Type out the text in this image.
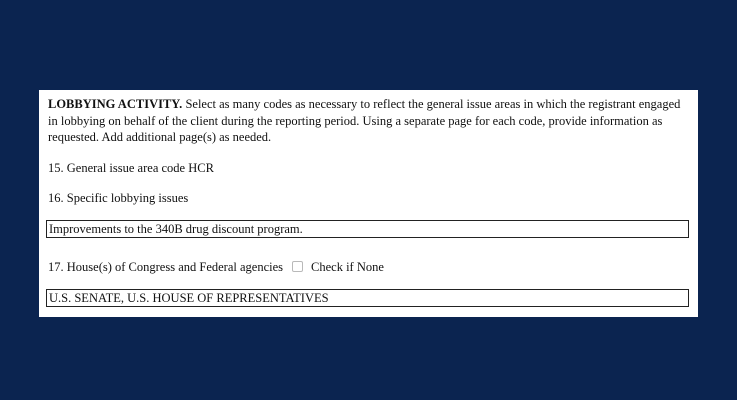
LOBBYING ACTIVITY. Select as many codes as necessary to reflect the general issue areas in which the registrant engaged in lobbying on behalf of the client during the reporting period. Using a separate page for each code, provide information as requested. Add additional page(s) as needed.

15. General issue area code HCR
16. Specific lobbying issues
Improvements to the 340B drug discount program.
17. House(s) of Congress and Federal agencies Check if None
U.S. SENATE, U.S. HOUSE OF REPRESENTATIVES
